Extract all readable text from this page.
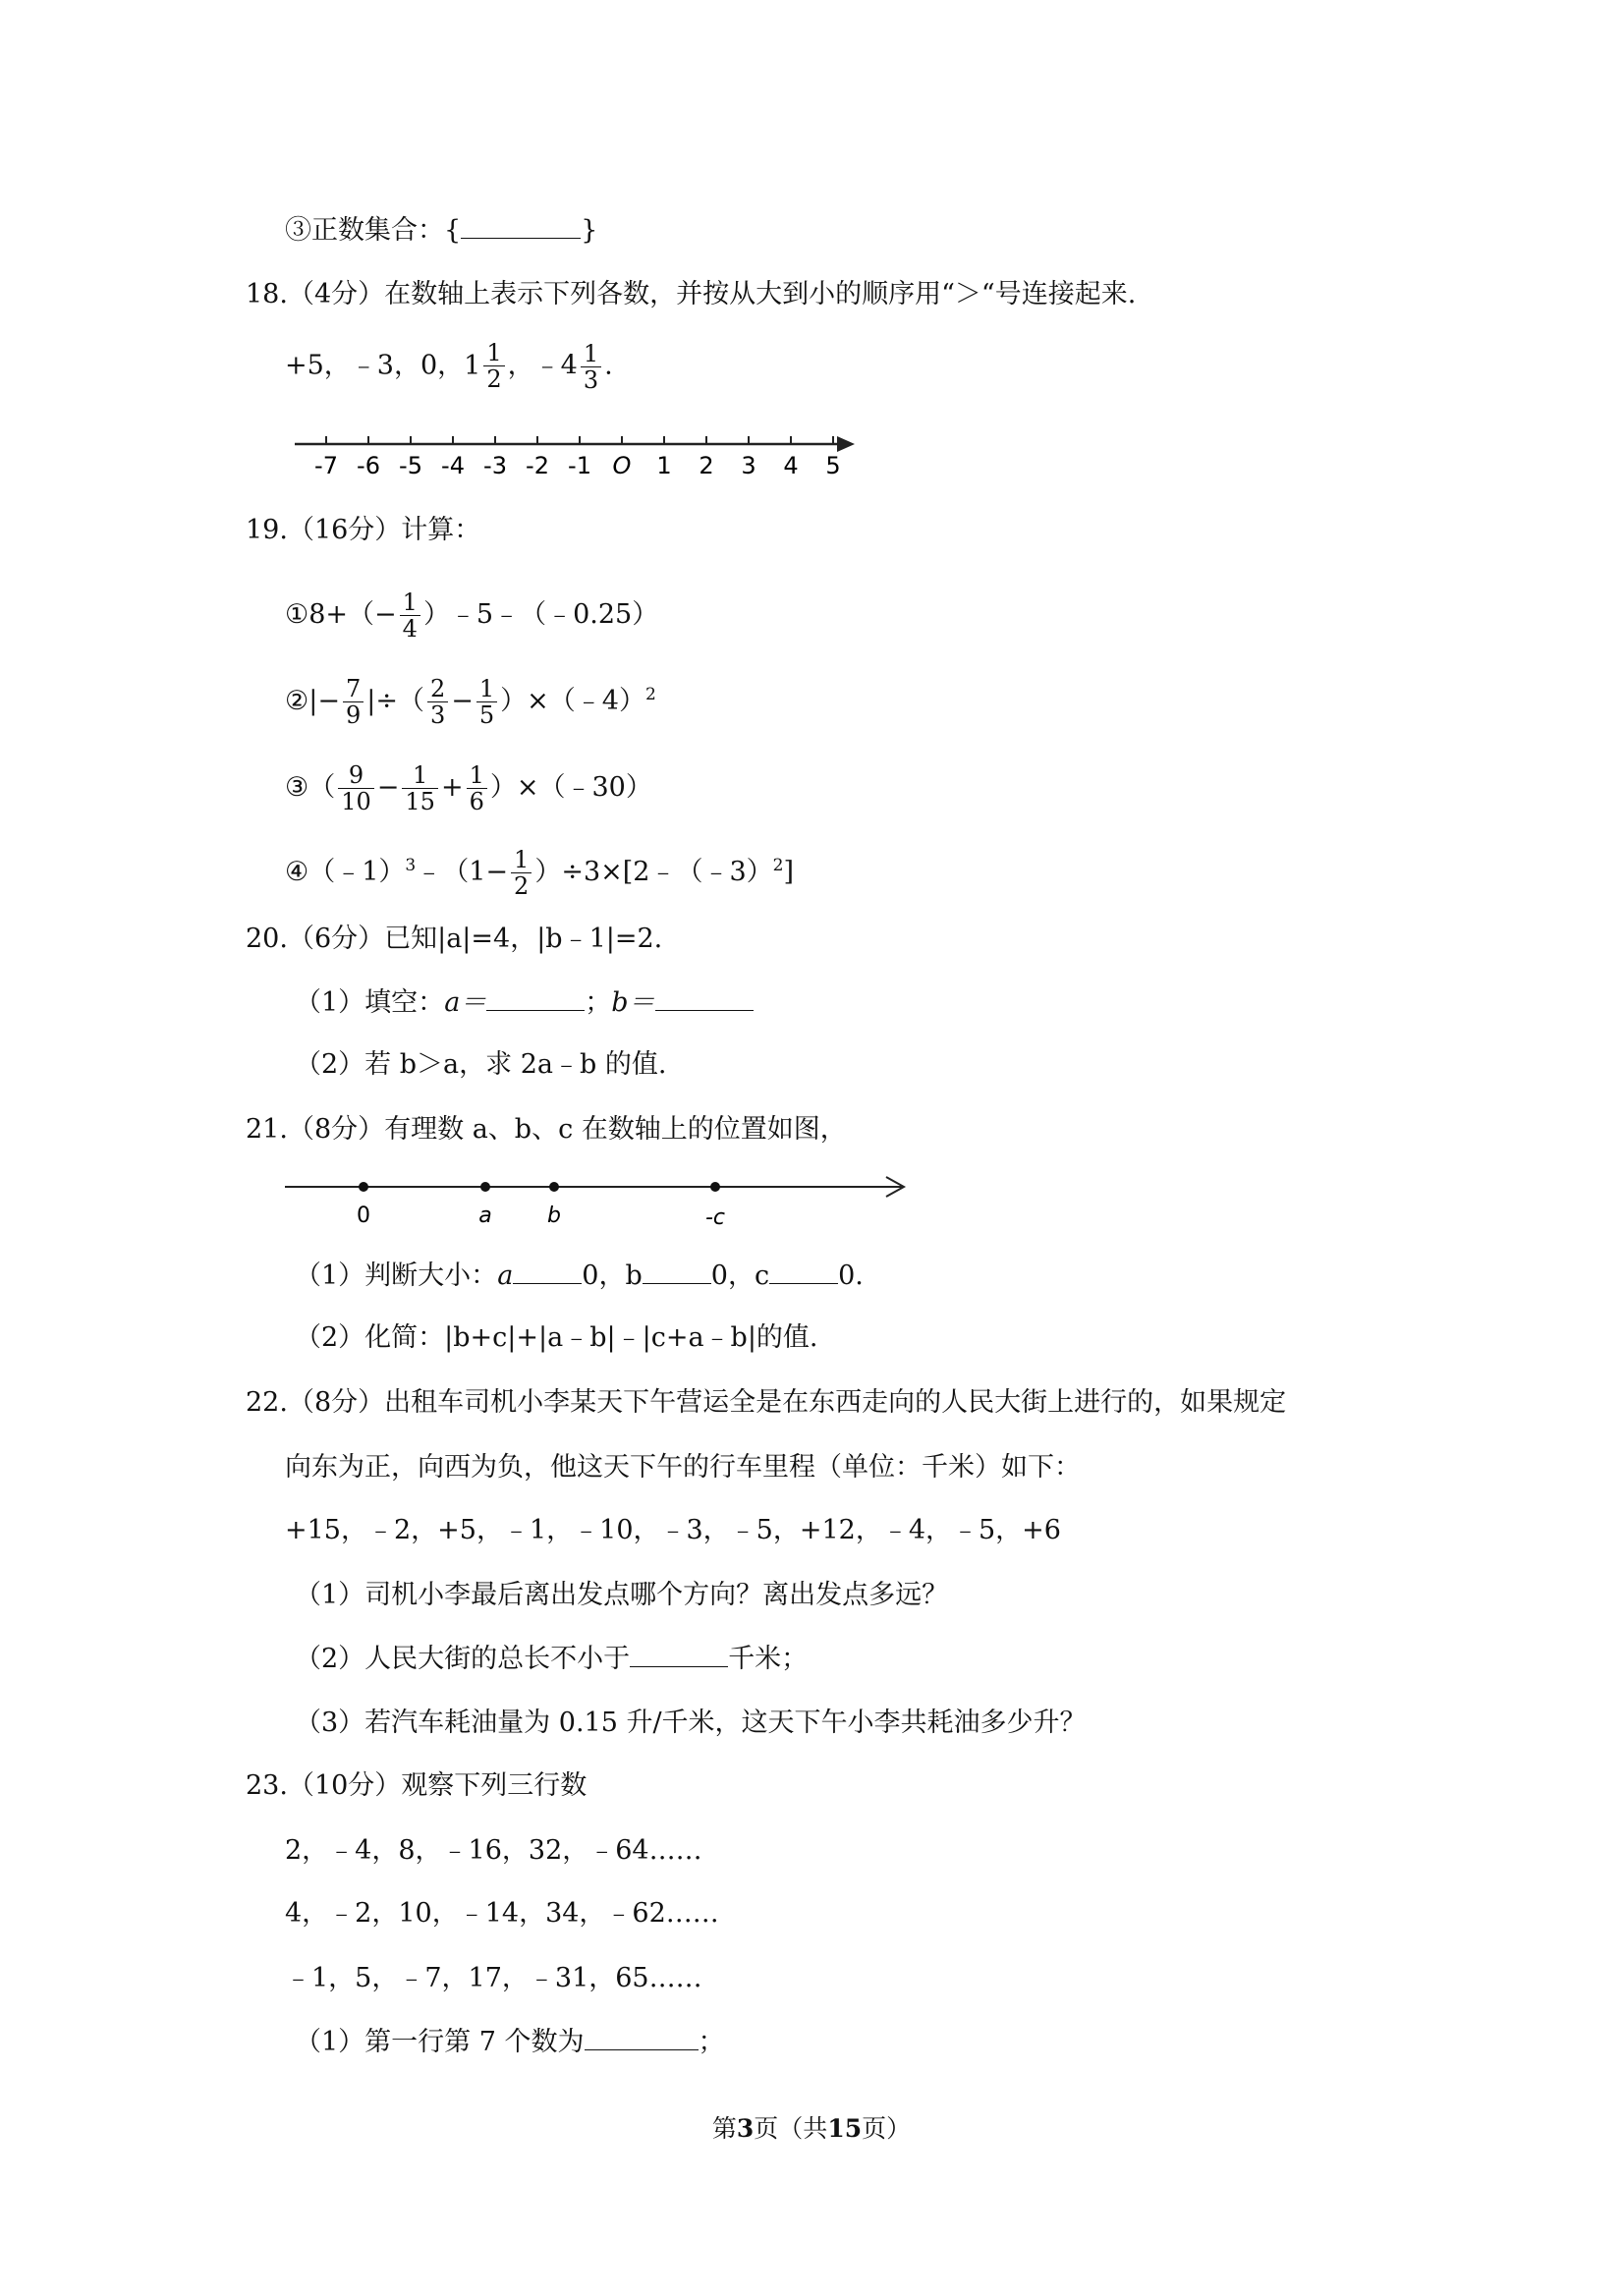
③正数集合：{	}
18.（4分）在数轴上表示下列各数，并按从大到小的顺序用“＞“号连接起来.
+5，﹣3，0， $1 \frac{1}{2}$ ，﹣4 $\frac{1}{3}$ .
-7 -6 -5 -4 -3 -2 -1 O 1 2 3 4 5
19.（16分）计算：
①8+（− $\frac{1}{4}$ ）﹣5﹣（﹣0.25）
②|− $\frac{7}{9}$ |÷（ $\frac{2}{3} - \frac{1}{5}$ ）×（﹣4）$^2$
③（ $\frac{9}{10} - \frac{1}{15} + \frac{1}{6}$ ）×（﹣30）
④（﹣1）$^3$﹣（1− $\frac{1}{2}$ ）÷3×[2﹣（﹣3）$^2$]
20.（6分）已知|a|=4，|b﹣1|=2.
（1）填空：a＝	；b＝
（2）若 b＞a，求 2a﹣b 的值.
21.（8分）有理数 a、b、c 在数轴上的位置如图，
0	a	b	-c
（1）判断大小：a	0，b	0，c	0.
（2）化简：|b+c|+|a﹣b|﹣|c+a﹣b|的值.
22.（8分）出租车司机小李某天下午营运全是在东西走向的人民大街上进行的，如果规定
向东为正，向西为负，他这天下午的行车里程（单位：千米）如下：
+15，﹣2，+5，﹣1，﹣10，﹣3，﹣5，+12，﹣4，﹣5，+6
（1）司机小李最后离出发点哪个方向？离出发点多远？
（2）人民大街的总长不小于	千米；
（3）若汽车耗油量为 0.15 升/千米，这天下午小李共耗油多少升？
23.（10分）观察下列三行数
2，﹣4，8，﹣16，32，﹣64……
4，﹣2，10，﹣14，34，﹣62……
﹣1，5，﹣7，17，﹣31，65……
（1）第一行第 7 个数为	；
第3页（共15页）
